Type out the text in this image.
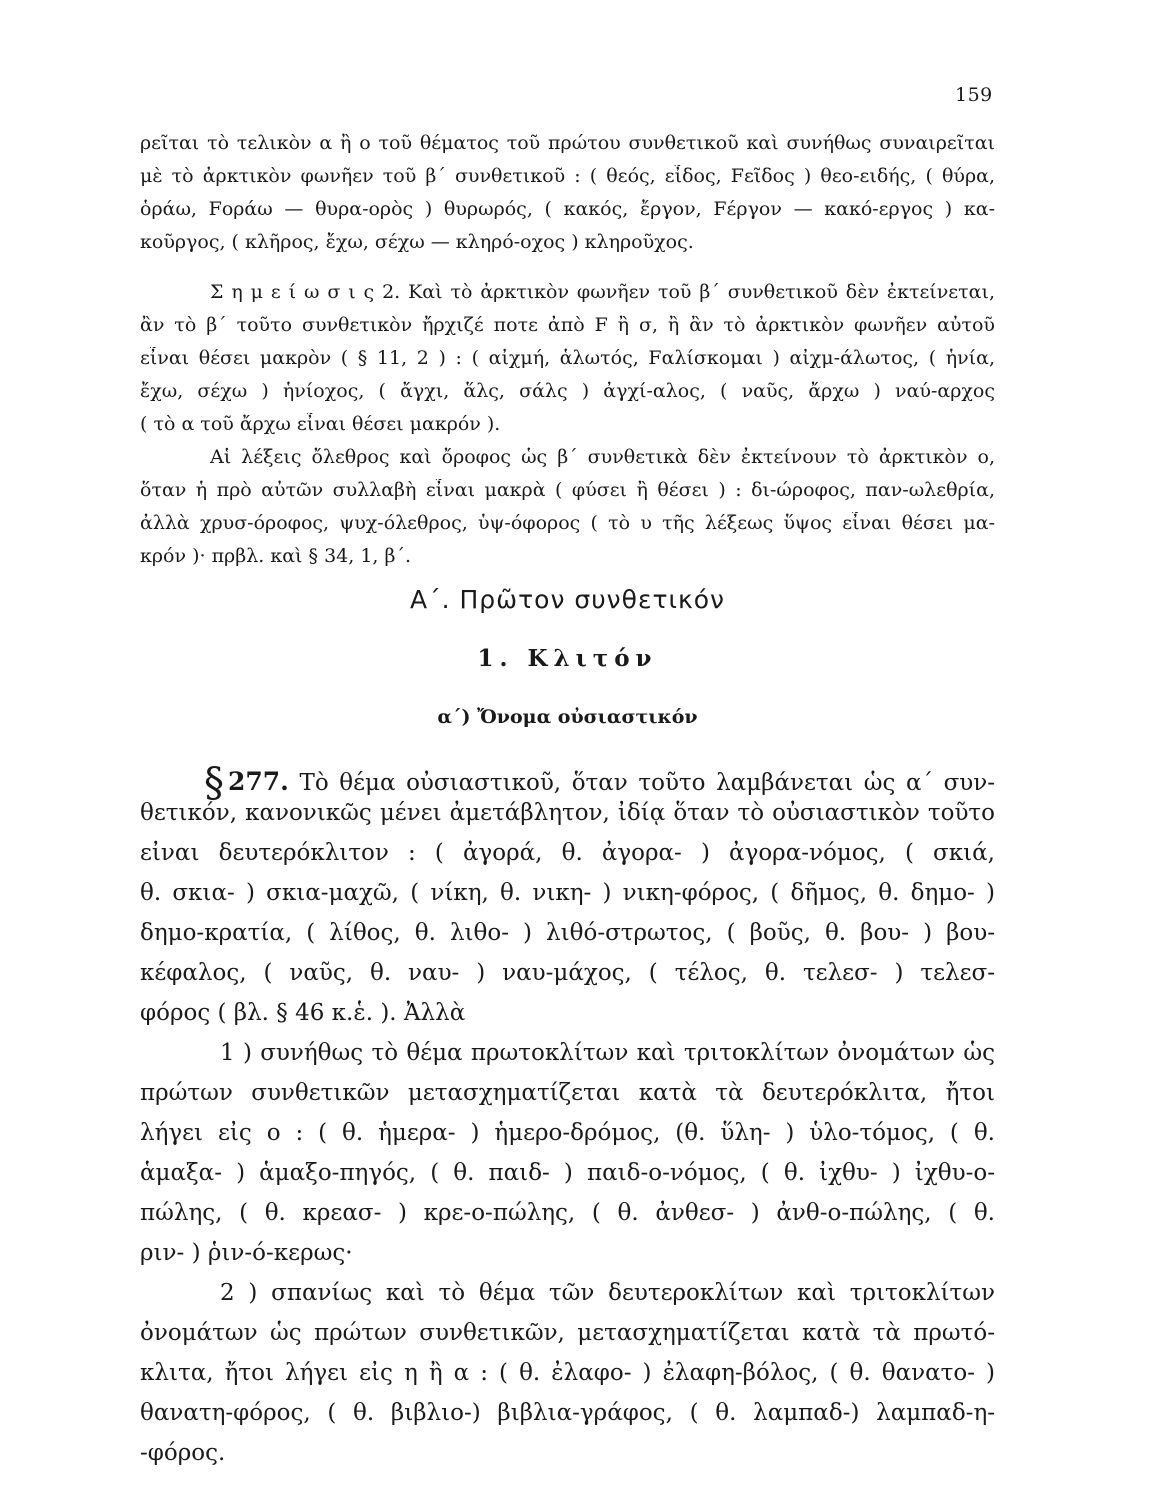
159
ρεῖται τὸ τελικὸν α ἢ ο τοῦ θέματος τοῦ πρώτου συνθετικοῦ καὶ συνήθως συναιρεῖται
μὲ τὸ ἀρκτικὸν φωνῆεν τοῦ β΄ συνθετικοῦ : ( θεός, εἶδος, Fεῖδος ) θεο-ειδής, ( θύρα,
ὁράω, Fοράω — θυρα-ορὸς ) θυρωρός, ( κακός, ἔργον, Fέργον — κακό-εργος ) κα-
κοῦργος, ( κλῆρος, ἔχω, σέχω — κληρό-οχος ) κληροῦχος.
Σ η μ ε ί ω σ ι ς 2. Καὶ τὸ ἀρκτικὸν φωνῆεν τοῦ β΄ συνθετικοῦ δὲν ἐκτείνεται,
ἂν τὸ β΄ τοῦτο συνθετικὸν ἤρχιζέ ποτε ἀπὸ F ἢ σ, ἢ ἂν τὸ ἀρκτικὸν φωνῆεν αὐτοῦ
εἶναι θέσει μακρὸν ( § 11, 2 ) : ( αἰχμή, ἁλωτός, Fαλίσκομαι ) αἰχμ-άλωτος, ( ἡνία,
ἔχω, σέχω ) ἡνίοχος, ( ἄγχι, ἅλς, σάλς ) ἀγχί-αλος, ( ναῦς, ἄρχω ) ναύ-αρχος
( τὸ α τοῦ ἄρχω εἶναι θέσει μακρόν ).
Αἱ λέξεις ὄλεθρος καὶ ὄροφος ὡς β΄ συνθετικὰ δὲν ἐκτείνουν τὸ ἀρκτικὸν ο,
ὅταν ἡ πρὸ αὐτῶν συλλαβὴ εἶναι μακρὰ ( φύσει ἢ θέσει ) : δι-ώροφος, παν-ωλεθρία,
ἀλλὰ χρυσ-όροφος, ψυχ-όλεθρος, ὑψ-όφορος ( τὸ υ τῆς λέξεως ὕψος εἶναι θέσει μα-
κρόν )· πρβλ. καὶ § 34, 1, β΄.
Α΄. Πρῶτον συνθετικόν
1. Κλιτόν
α΄) Ὄνομα οὐσιαστικόν
§ 277. Τὸ θέμα οὐσιαστικοῦ, ὅταν τοῦτο λαμβάνεται ὡς α΄ συν-
θετικόν, κανονικῶς μένει ἀμετάβλητον, ἰδίᾳ ὅταν τὸ οὐσιαστικὸν τοῦτο
εἶναι δευτερόκλιτον : ( ἀγορά, θ. ἀγορα- ) ἀγορα-νόμος, ( σκιά,
θ. σκια- ) σκια-μαχῶ, ( νίκη, θ. νικη- ) νικη-φόρος, ( δῆμος, θ. δημο- )
δημο-κρατία, ( λίθος, θ. λιθο- ) λιθό-στρωτος, ( βοῦς, θ. βου- ) βου-
κέφαλος, ( ναῦς, θ. ναυ- ) ναυ-μάχος, ( τέλος, θ. τελεσ- ) τελεσ-
φόρος ( βλ. § 46 κ.ἑ. ). Ἀλλὰ
1 ) συνήθως τὸ θέμα πρωτοκλίτων καὶ τριτοκλίτων ὀνομάτων ὡς
πρώτων συνθετικῶν μετασχηματίζεται κατὰ τὰ δευτερόκλιτα, ἤτοι
λήγει εἰς ο : ( θ. ἡμερα- ) ἡμερο-δρόμος, (θ. ὕλη- ) ὑλο-τόμος, ( θ.
ἁμαξα- ) ἁμαξο-πηγός, ( θ. παιδ- ) παιδ-ο-νόμος, ( θ. ἰχθυ- ) ἰχθυ-ο-
πώλης, ( θ. κρεασ- ) κρε-ο-πώλης, ( θ. ἀνθεσ- ) ἀνθ-ο-πώλης, ( θ.
ριν- ) ῥιν-ό-κερως·
2 ) σπανίως καὶ τὸ θέμα τῶν δευτεροκλίτων καὶ τριτοκλίτων
ὀνομάτων ὡς πρώτων συνθετικῶν, μετασχηματίζεται κατὰ τὰ πρωτό-
κλιτα, ἤτοι λήγει εἰς η ἢ α : ( θ. ἐλαφο- ) ἐλαφη-βόλος, ( θ. θανατο- )
θανατη-φόρος, ( θ. βιβλιο-) βιβλια-γράφος, ( θ. λαμπαδ-) λαμπαδ-η-
-φόρος.
